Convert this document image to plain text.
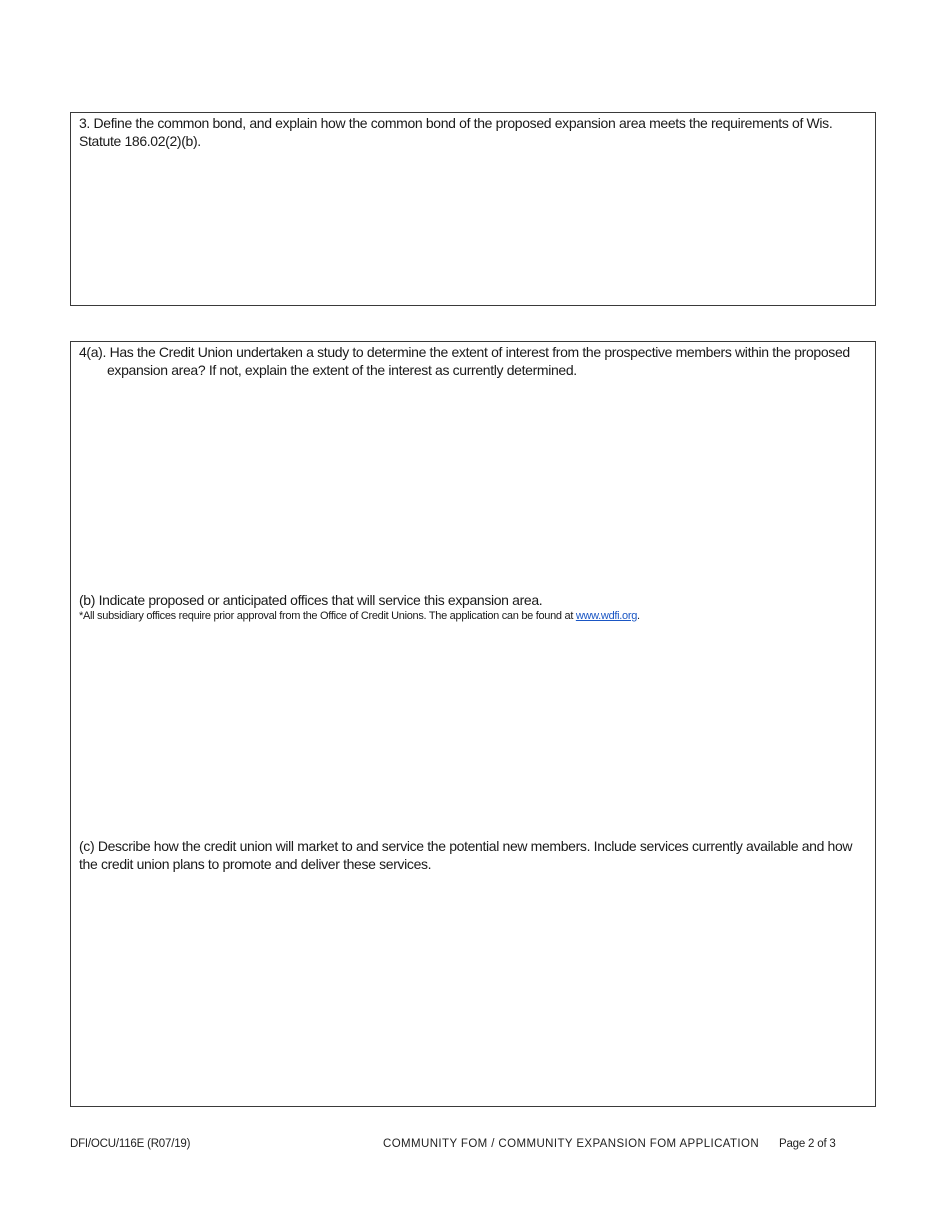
3. Define the common bond, and explain how the common bond of the proposed expansion area meets the requirements of Wis. Statute 186.02(2)(b).
4(a). Has the Credit Union undertaken a study to determine the extent of interest from the prospective members within the proposed expansion area? If not, explain the extent of the interest as currently determined.
(b) Indicate proposed or anticipated offices that will service this expansion area.
*All subsidiary offices require prior approval from the Office of Credit Unions. The application can be found at www.wdfi.org.
(c) Describe how the credit union will market to and service the potential new members. Include services currently available and how the credit union plans to promote and deliver these services.
DFI/OCU/116E (R07/19)	COMMUNITY FOM / COMMUNITY EXPANSION FOM APPLICATION Page 2 of 3
